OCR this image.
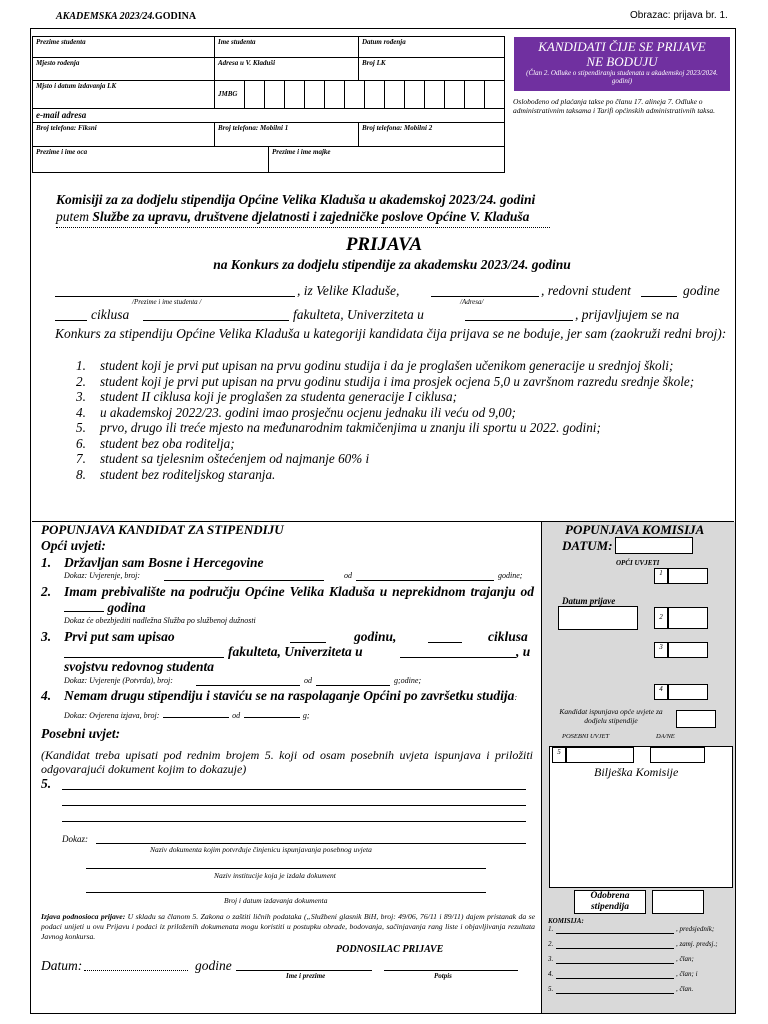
AKADEMSKA 2023/24.GODINA	Obrazac: prijava br. 1.
Prezime studenta	Ime studenta	Datum rođenja
Mjesto rođenja	Adresa u V. Kladuši	Broj LK
Mjsto i datum izdavanja LK
JMBG
e-mail adresa
Broj telefona: Fiksni	Broj telefona: Mobilni 1	Broj telefona: Mobilni 2
Prezime i ime oca	Prezime i ime majke
KANDIDATI ČIJE SE PRIJAVE
NE BODUJU
(Član 2. Odluke o stipendiranju studenata u akademskoj 2023/2024. godini)
Oslobođeno od plaćanja takse po članu 17. alineja 7. Odluke o administrativnim taksama i Tarifi općinskih administrativnih taksa.
Komisiji za za dodjelu stipendija Općine Velika Kladuša u akademskoj 2023/24. godini
putem Službe za upravu, društvene djelatnosti i zajedničke poslove Općine V. Kladuša
PRIJAVA
na Konkurs za dodjelu stipendije za akademsku 2023/24. godinu
, iz Velike Kladuše,	, redovni student	godine
/Prezime i ime studenta /	/Adresa/
ciklusa	fakulteta, Univerziteta u	, prijavljujem se na
Konkurs za stipendiju Općine Velika Kladuša u kategoriji kandidata čija prijava se ne boduje, jer sam (zaokruži redni broj):
1. student koji je prvi put upisan na prvu godinu studija i da je proglašen učenikom generacije u srednjoj školi;
2. student koji je prvi put upisan na prvu godinu studija i ima prosjek ocjena 5,0 u završnom razredu srednje škole;
3. student II ciklusa koji je proglašen za studenta generacije I ciklusa;
4. u akademskoj 2022/23. godini imao prosječnu ocjenu jednaku ili veću od 9,00;
5. prvo, drugo ili treće mjesto na međunarodnim takmičenjima u znanju ili sportu u 2022. godini;
6. student bez oba roditelja;
7. student sa tjelesnim oštećenjem od najmanje 60% i
8. student bez roditeljskog staranja.
POPUNJAVA KANDIDAT ZA STIPENDIJU
Opći uvjeti:
1. Državljan sam Bosne i Hercegovine
Dokaz: Uvjerenje, broj:	od	godine;
2. Imam prebivalište na području Općine Velika Kladuša u neprekidnom trajanju od  godina
Dokaz će obezbjediti nadležna Služba po službenoj dužnosti
3. Prvi put sam upisao	godinu,	ciklusa
fakulteta, Univerziteta u	, u
svojstvu redovnog studenta
Dokaz: Uvjerenje (Potvrda), broj:	od	g;odine;
4. Nemam drugu stipendiju i staviću se na raspolaganje Općini po završetku studija: Dokaz: Ovjerena izjava, broj:	od	g;
Posebni uvjet:
(Kandidat treba upisati pod rednim brojem 5. koji od osam posebnih uvjeta ispunjava i priložiti odgovarajući dokument kojim to dokazuje)
5.
Dokaz:
Naziv dokumenta kojim potvrđuje činjenicu ispunjavanja posebnog uvjeta
Naziv institucije koja je izdala dokument
Broj i datum izdavanja dokumenta
Izjava podnosioca prijave: U skladu sa članom 5. Zakona o zaštiti ličnih podataka („Službeni glasnik BiH, broj: 49/06, 76/11 i 89/11) dajem pristanak da se podaci unijeti u ovu Prijavu i podaci iz priloženih dokumenata mogu koristiti u postupku obrade, bodovanja, sačinjavanja rang liste i objavljivanja rezultata Javnog konkursa.
PODNOSILAC PRIJAVE
Datum:	godine
Ime i prezime	Potpis
POPUNJAVA KOMISIJA
DATUM:
OPĆI UVJETI
1
Datum prijave
2
3
4
Kandidat ispunjava opće uvjete za dodjelu stipendije
POSEBNI UVJET	DA/NE
5
Bilješka Komisije
Odobrena stipendija
KOMISIJA:
1.	, predsjednik;
2.	, zamj. predsj.;
3.	, član;
4.	, član; i
5.	, član.
